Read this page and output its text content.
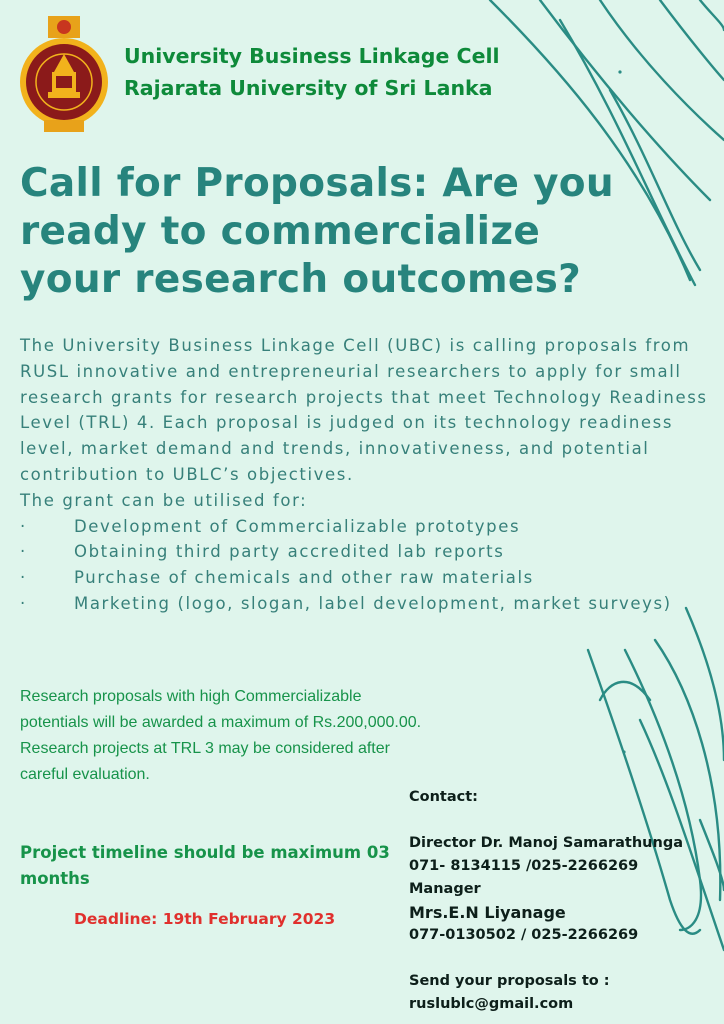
University Business Linkage Cell
Rajarata University of Sri Lanka
Call for Proposals: Are you
ready to commercialize
your research outcomes?

The University Business Linkage Cell (UBC) is calling proposals from RUSL innovative and entrepreneurial researchers to apply for small research grants for research projects that meet Technology Readiness Level (TRL) 4. Each proposal is judged on its technology readiness level, market demand and trends, innovativeness, and potential contribution to UBLC’s objectives.

The grant can be utilised for:

·	Development of Commercializable prototypes
·	Obtaining third party accredited lab reports
·	Purchase of chemicals and other raw materials
·	Marketing (logo, slogan, label development, market surveys)
Research proposals with high Commercializable potentials will be awarded a maximum of Rs.200,000.00. Research projects at TRL 3 may be considered after careful evaluation.
Project timeline should be maximum 03 months
Deadline: 19th February 2023
Contact:
Director Dr. Manoj Samarathunga
071- 8134115 /025-2266269
Manager
Mrs.E.N Liyanage
077-0130502 / 025-2266269
Send your proposals to :
ruslublc@gmail.com
